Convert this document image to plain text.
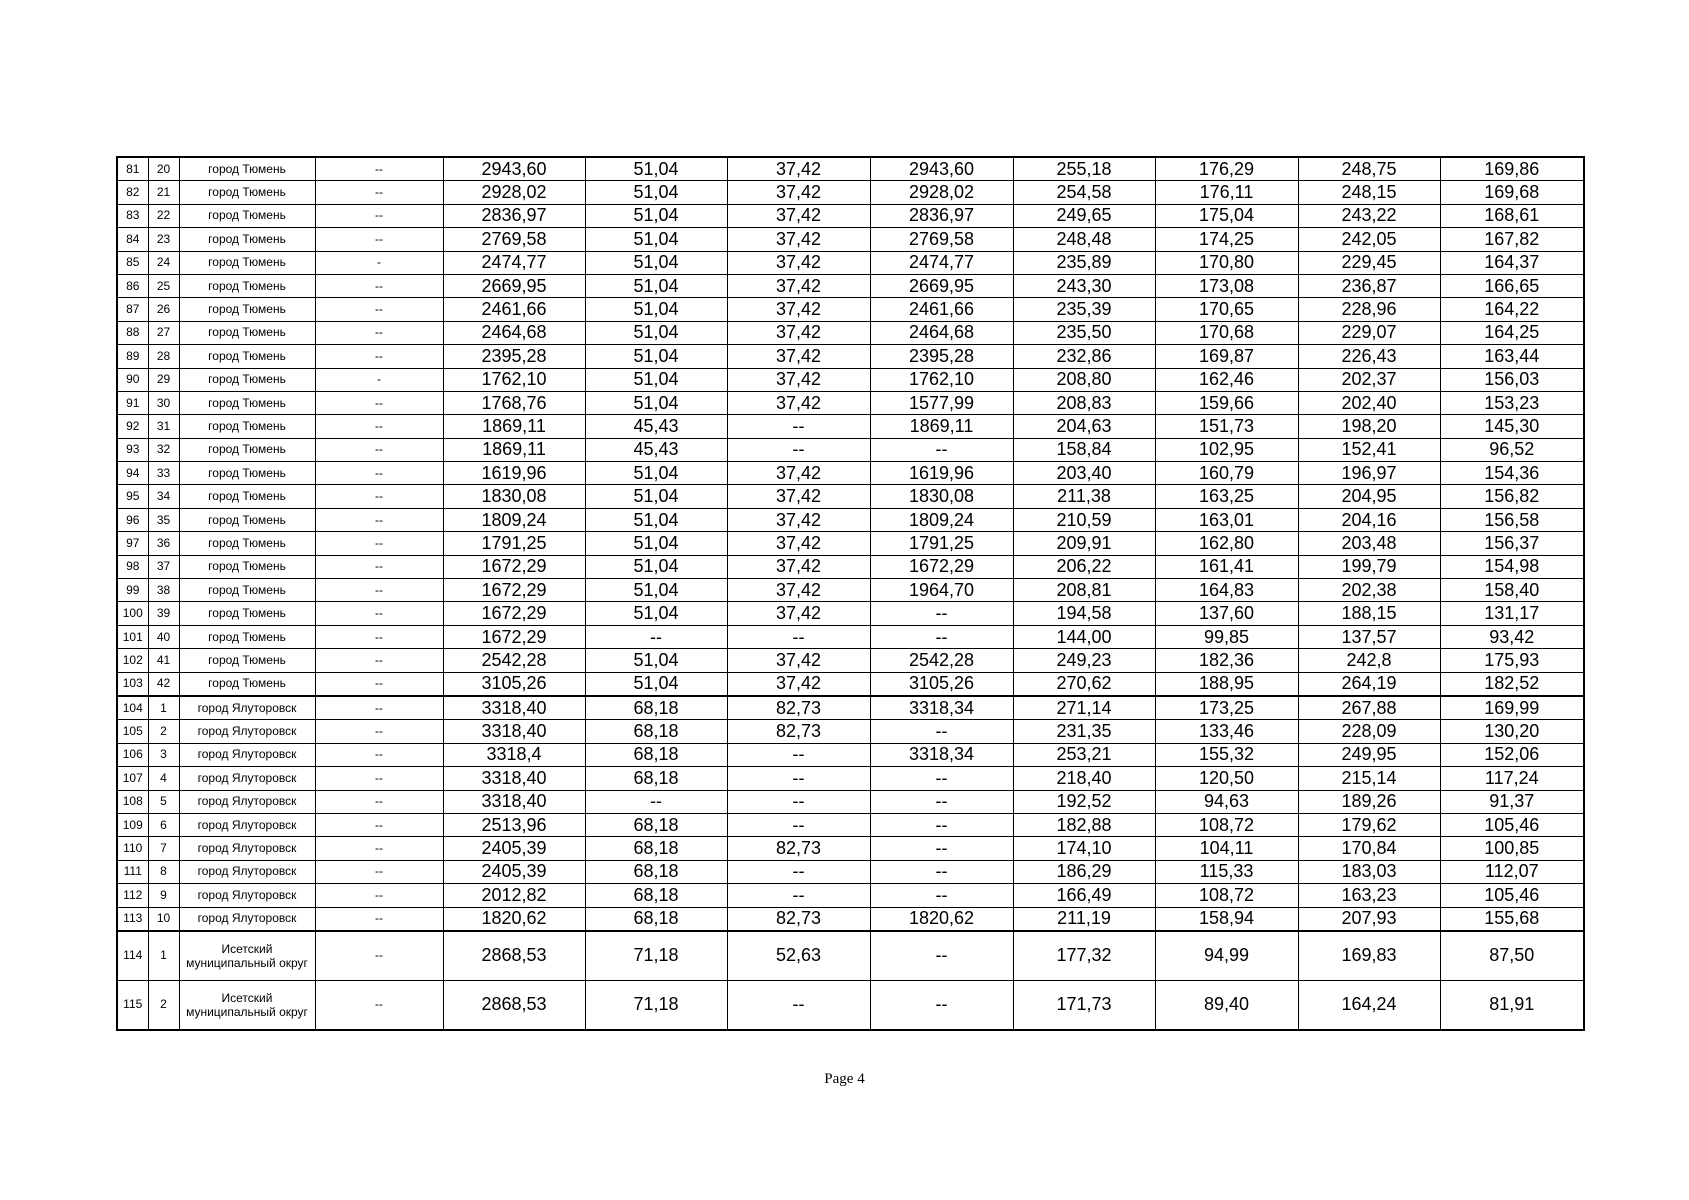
81	20	город Тюмень	--	2943,60	51,04	37,42	2943,60	255,18	176,29	248,75	169,86
82	21	город Тюмень	--	2928,02	51,04	37,42	2928,02	254,58	176,11	248,15	169,68
83	22	город Тюмень	--	2836,97	51,04	37,42	2836,97	249,65	175,04	243,22	168,61
84	23	город Тюмень	--	2769,58	51,04	37,42	2769,58	248,48	174,25	242,05	167,82
85	24	город Тюмень	-	2474,77	51,04	37,42	2474,77	235,89	170,80	229,45	164,37
86	25	город Тюмень	--	2669,95	51,04	37,42	2669,95	243,30	173,08	236,87	166,65
87	26	город Тюмень	--	2461,66	51,04	37,42	2461,66	235,39	170,65	228,96	164,22
88	27	город Тюмень	--	2464,68	51,04	37,42	2464,68	235,50	170,68	229,07	164,25
89	28	город Тюмень	--	2395,28	51,04	37,42	2395,28	232,86	169,87	226,43	163,44
90	29	город Тюмень	-	1762,10	51,04	37,42	1762,10	208,80	162,46	202,37	156,03
91	30	город Тюмень	--	1768,76	51,04	37,42	1577,99	208,83	159,66	202,40	153,23
92	31	город Тюмень	--	1869,11	45,43	--	1869,11	204,63	151,73	198,20	145,30
93	32	город Тюмень	--	1869,11	45,43	--	--	158,84	102,95	152,41	96,52
94	33	город Тюмень	--	1619,96	51,04	37,42	1619,96	203,40	160,79	196,97	154,36
95	34	город Тюмень	--	1830,08	51,04	37,42	1830,08	211,38	163,25	204,95	156,82
96	35	город Тюмень	--	1809,24	51,04	37,42	1809,24	210,59	163,01	204,16	156,58
97	36	город Тюмень	--	1791,25	51,04	37,42	1791,25	209,91	162,80	203,48	156,37
98	37	город Тюмень	--	1672,29	51,04	37,42	1672,29	206,22	161,41	199,79	154,98
99	38	город Тюмень	--	1672,29	51,04	37,42	1964,70	208,81	164,83	202,38	158,40
100	39	город Тюмень	--	1672,29	51,04	37,42	--	194,58	137,60	188,15	131,17
101	40	город Тюмень	--	1672,29	--	--	--	144,00	99,85	137,57	93,42
102	41	город Тюмень	--	2542,28	51,04	37,42	2542,28	249,23	182,36	242,8	175,93
103	42	город Тюмень	--	3105,26	51,04	37,42	3105,26	270,62	188,95	264,19	182,52
104	1	город Ялуторовск	--	3318,40	68,18	82,73	3318,34	271,14	173,25	267,88	169,99
105	2	город Ялуторовск	--	3318,40	68,18	82,73	--	231,35	133,46	228,09	130,20
106	3	город Ялуторовск	--	3318,4	68,18	--	3318,34	253,21	155,32	249,95	152,06
107	4	город Ялуторовск	--	3318,40	68,18	--	--	218,40	120,50	215,14	117,24
108	5	город Ялуторовск	--	3318,40	--	--	--	192,52	94,63	189,26	91,37
109	6	город Ялуторовск	--	2513,96	68,18	--	--	182,88	108,72	179,62	105,46
110	7	город Ялуторовск	--	2405,39	68,18	82,73	--	174,10	104,11	170,84	100,85
111	8	город Ялуторовск	--	2405,39	68,18	--	--	186,29	115,33	183,03	112,07
112	9	город Ялуторовск	--	2012,82	68,18	--	--	166,49	108,72	163,23	105,46
113	10	город Ялуторовск	--	1820,62	68,18	82,73	1820,62	211,19	158,94	207,93	155,68
114	1	Исетский муниципальный округ	--	2868,53	71,18	52,63	--	177,32	94,99	169,83	87,50
115	2	Исетский муниципальный округ	--	2868,53	71,18	--	--	171,73	89,40	164,24	81,91
Page 4
